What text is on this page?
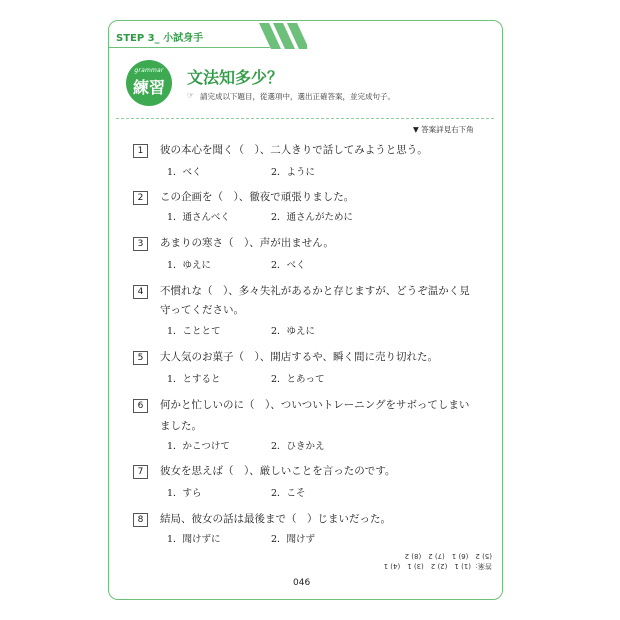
STEP 3_ 小試身手
grammar
練習
文法知多少？
☞ 請完成以下題目，從選項中，選出正確答案，並完成句子。
▼ 答案詳見右下角
1	彼の本心を聞く（　）、二人きりで話してみようと思う。
1．べく	2．ように
2	この企画を（　）、徹夜で頑張りました。
1．通さんべく	2．通さんがために
3	あまりの寒さ（　）、声が出ません。
1．ゆえに	2．べく
4	不慣れな（　）、多々失礼があるかと存じますが、どうぞ温かく見
守ってください。
1．こととて	2．ゆえに
5	大人気のお菓子（　）、開店するや、瞬く間に売り切れた。
1．とすると	2．とあって
6	何かと忙しいのに（　）、ついついトレーニングをサボってしまい
ました。
1．かこつけて	2．ひきかえ
7	彼女を思えば（　）、厳しいことを言ったのです。
1．すら	2．こそ
8	結局、彼女の話は最後まで（　）じまいだった。
1．聞けずに	2．聞けず
答案：(1) 1　(2) 2　(3) 1　(4) 1
(5) 2　(6) 1　(7) 2　(8) 2
046
